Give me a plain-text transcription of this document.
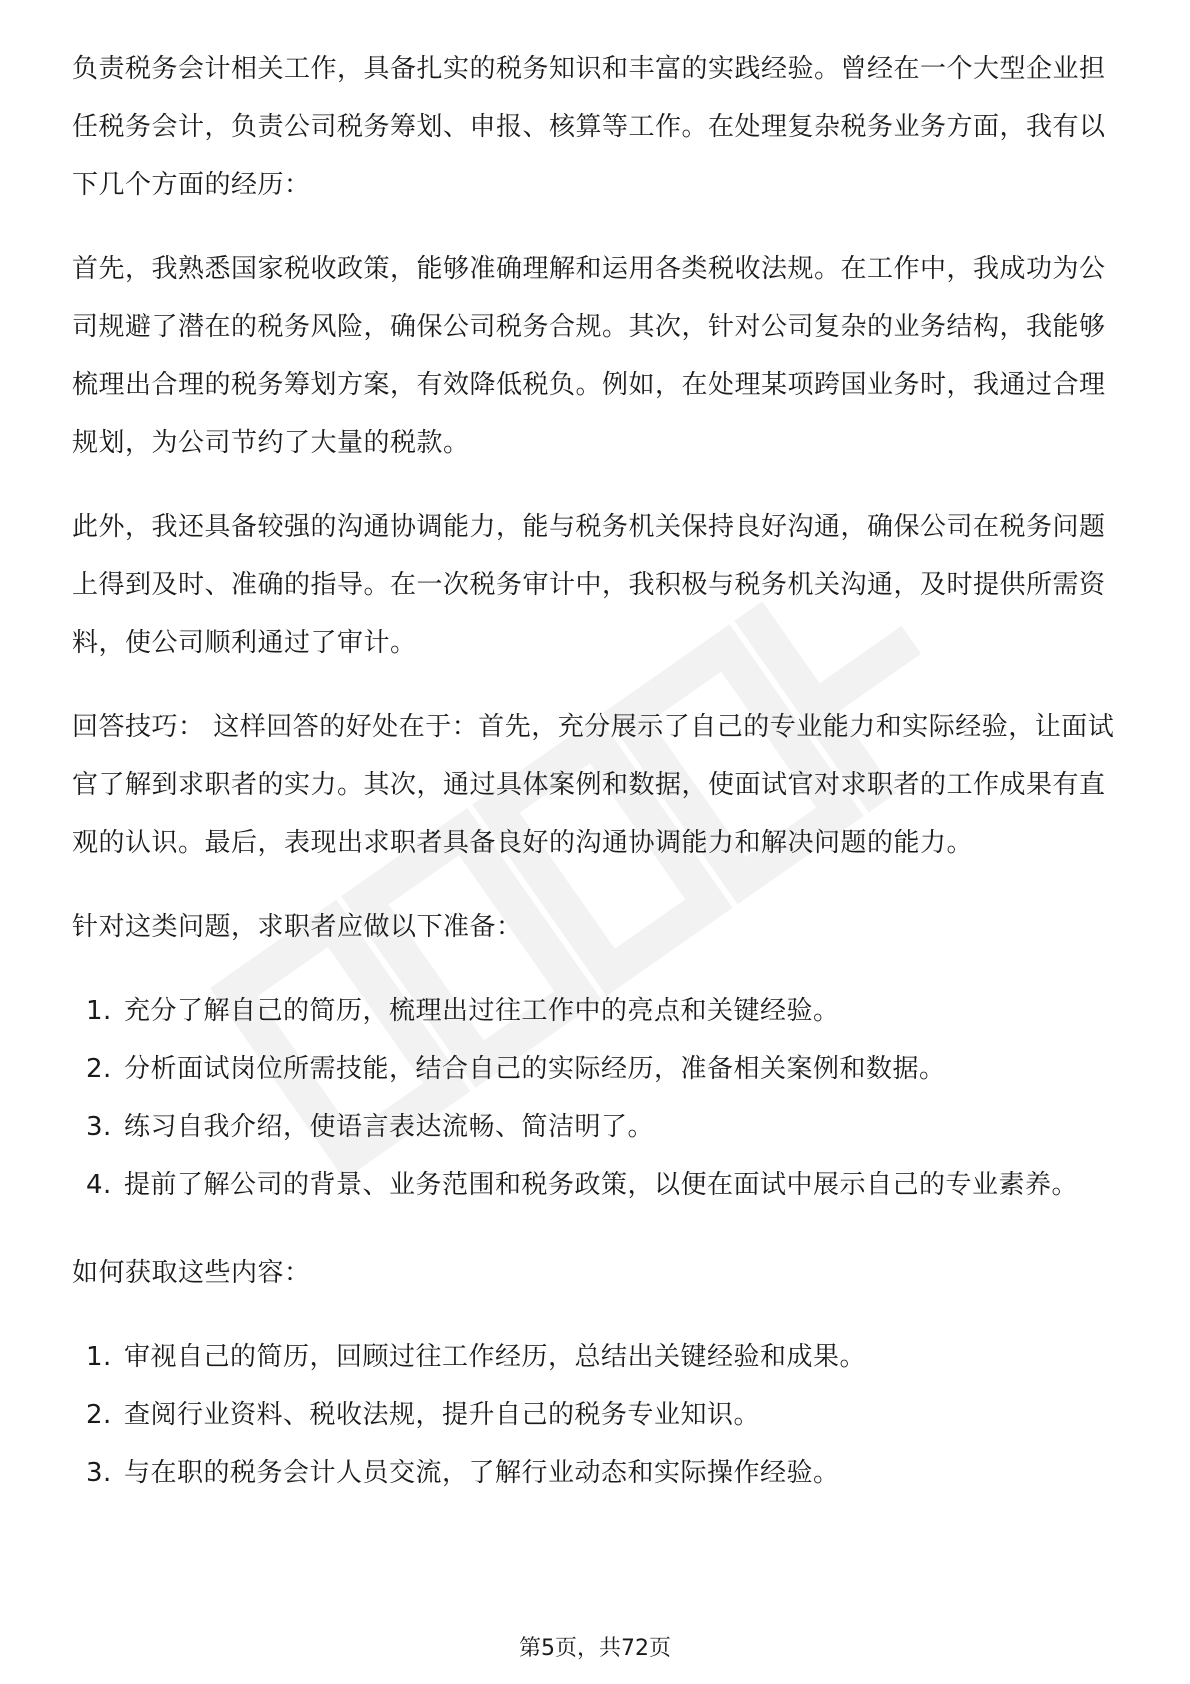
负责税务会计相关工作，具备扎实的税务知识和丰富的实践经验。曾经在一个大型企业担任税务会计，负责公司税务筹划、申报、核算等工作。在处理复杂税务业务方面，我有以下几个方面的经历：

首先，我熟悉国家税收政策，能够准确理解和运用各类税收法规。在工作中，我成功为公司规避了潜在的税务风险，确保公司税务合规。其次，针对公司复杂的业务结构，我能够梳理出合理的税务筹划方案，有效降低税负。例如，在处理某项跨国业务时，我通过合理规划，为公司节约了大量的税款。

此外，我还具备较强的沟通协调能力，能与税务机关保持良好沟通，确保公司在税务问题上得到及时、准确的指导。在一次税务审计中，我积极与税务机关沟通，及时提供所需资料，使公司顺利通过了审计。

回答技巧： 这样回答的好处在于：首先，充分展示了自己的专业能力和实际经验，让面试官了解到求职者的实力。其次，通过具体案例和数据，使面试官对求职者的工作成果有直观的认识。最后，表现出求职者具备良好的沟通协调能力和解决问题的能力。

针对这类问题，求职者应做以下准备：

1. 充分了解自己的简历，梳理出过往工作中的亮点和关键经验。
2. 分析面试岗位所需技能，结合自己的实际经历，准备相关案例和数据。
3. 练习自我介绍，使语言表达流畅、简洁明了。
4. 提前了解公司的背景、业务范围和税务政策，以便在面试中展示自己的专业素养。

如何获取这些内容：

1. 审视自己的简历，回顾过往工作经历，总结出关键经验和成果。
2. 查阅行业资料、税收法规，提升自己的税务专业知识。
3. 与在职的税务会计人员交流，了解行业动态和实际操作经验。
第5页，共72页
